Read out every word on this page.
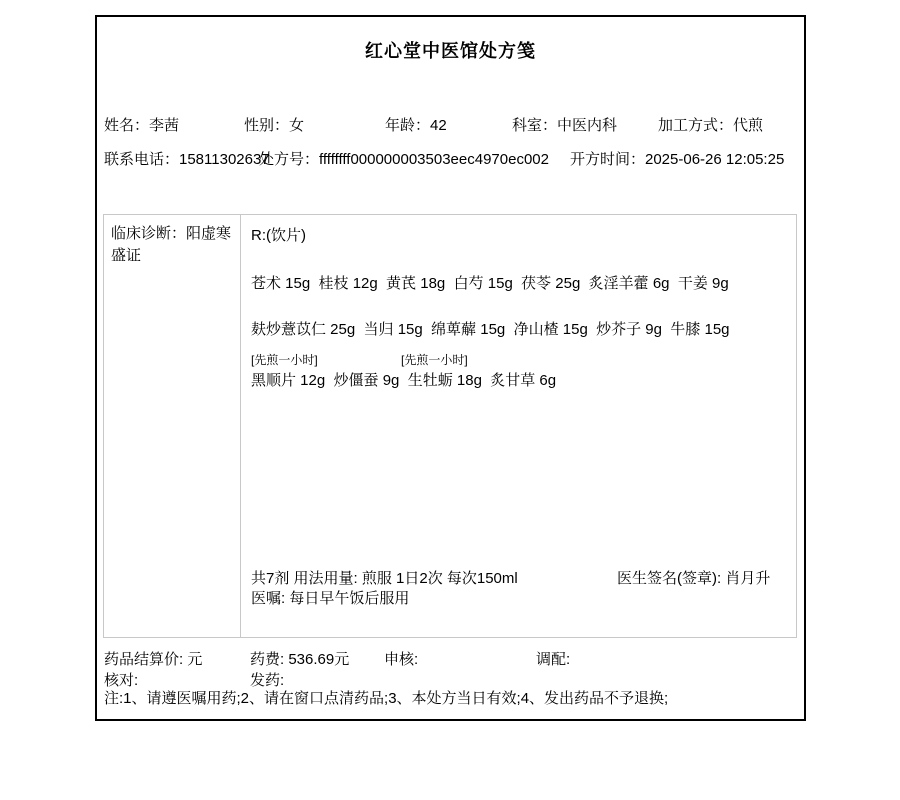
红心堂中医馆处方笺
姓名：李茜	性别：女	年龄：42	科室：中医内科	加工方式：代煎
联系电话：15811302637
处方号：ffffffff000000003503eec4970ec002 开方时间：2025-06-26 12:05:25
临床诊断：阳虚寒盛证
R:(饮片)
苍术 15g  桂枝 12g  黄芪 18g  白芍 15g  茯苓 25g  炙淫羊藿 6g  干姜 9g
麸炒薏苡仁 25g  当归 15g  绵萆薢 15g  净山楂 15g  炒芥子 9g  牛膝 15g
[先煎一小时]	[先煎一小时]
黑顺片 12g  炒僵蚕 9g  生牡蛎 18g  炙甘草 6g
共7剂 用法用量: 煎服 1日2次 每次150ml	医生签名(签章): 肖月升
医嘱: 每日早午饭后服用
药品结算价: 元	药费: 536.69元 申核:	调配:
核对:	发药:
注:1、请遵医嘱用药;2、请在窗口点清药品;3、本处方当日有效;4、发出药品不予退换;
